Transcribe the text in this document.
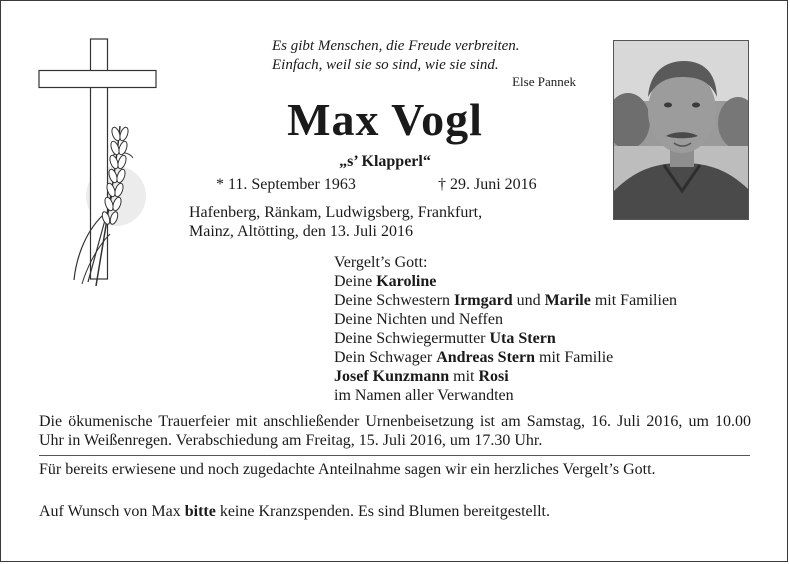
Es gibt Menschen, die Freude verbreiten.
Einfach, weil sie so sind, wie sie sind.
Else Pannek
Max Vogl
„s’ Klapperl“
* 11. September 1963	† 29. Juni 2016
Hafenberg, Ränkam, Ludwigsberg, Frankfurt,
Mainz, Altötting, den 13. Juli 2016
Vergelt’s Gott:
Deine Karoline
Deine Schwestern Irmgard und Marile mit Familien
Deine Nichten und Neffen
Deine Schwiegermutter Uta Stern
Dein Schwager Andreas Stern mit Familie
Josef Kunzmann mit Rosi
im Namen aller Verwandten
Die ökumenische Trauerfeier mit anschließender Urnenbeisetzung ist am Samstag, 16. Juli 2016, um 10.00 Uhr in Weißenregen. Verabschiedung am Freitag, 15. Juli 2016, um 17.30 Uhr.
Für bereits erwiesene und noch zugedachte Anteilnahme sagen wir ein herzliches Vergelt’s Gott.
Auf Wunsch von Max bitte keine Kranzspenden. Es sind Blumen bereitgestellt.
